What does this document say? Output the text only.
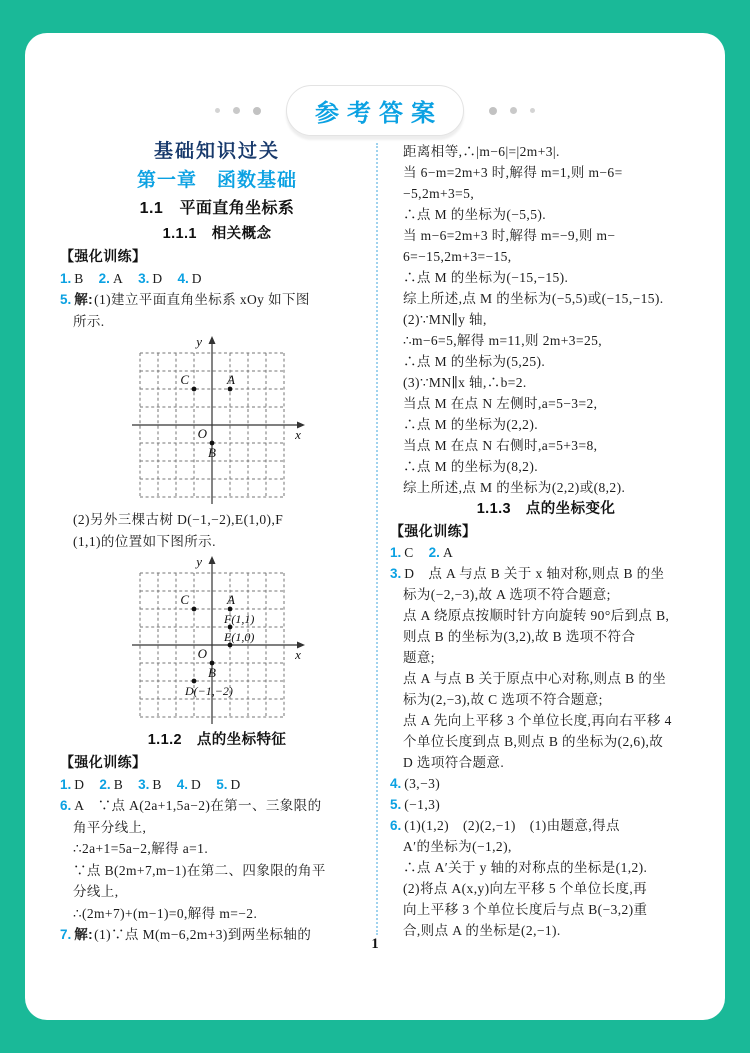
参考答案
基础知识过关
第一章　函数基础
1.1　平面直角坐标系
1.1.1　相关概念
【强化训练】
1. B 2. A 3. D 4. D
5. 解:(1)建立平面直角坐标系 xOy 如下图
所示.
y
x
O
C	A
B
(2)另外三棵古树 D(−1,−2),E(1,0),F
(1,1)的位置如下图所示.
y
x
O
C	A
F(1,1)
E(1,0)
B
D(−1,−2)
1.1.2　点的坐标特征
【强化训练】
1. D 2. B 3. B 4. D 5. D
6. A　∵点 A(2a+1,5a−2)在第一、三象限的
角平分线上,
∴2a+1=5a−2,解得 a=1.
∵点 B(2m+7,m−1)在第二、四象限的角平
分线上,
∴(2m+7)+(m−1)=0,解得 m=−2.
7. 解:(1)∵点 M(m−6,2m+3)到两坐标轴的
距离相等,∴|m−6|=|2m+3|.
当 6−m=2m+3 时,解得 m=1,则 m−6=
−5,2m+3=5,
∴点 M 的坐标为(−5,5).
当 m−6=2m+3 时,解得 m=−9,则 m−
6=−15,2m+3=−15,
∴点 M 的坐标为(−15,−15).
综上所述,点 M 的坐标为(−5,5)或(−15,−15).
(2)∵MN∥y 轴,
∴m−6=5,解得 m=11,则 2m+3=25,
∴点 M 的坐标为(5,25).
(3)∵MN∥x 轴,∴b=2.
当点 M 在点 N 左侧时,a=5−3=2,
∴点 M 的坐标为(2,2).
当点 M 在点 N 右侧时,a=5+3=8,
∴点 M 的坐标为(8,2).
综上所述,点 M 的坐标为(2,2)或(8,2).
1.1.3　点的坐标变化
【强化训练】
1. C 2. A
3. D　点 A 与点 B 关于 x 轴对称,则点 B 的坐
标为(−2,−3),故 A 选项不符合题意;
点 A 绕原点按顺时针方向旋转 90°后到点 B,
则点 B 的坐标为(3,2),故 B 选项不符合
题意;
点 A 与点 B 关于原点中心对称,则点 B 的坐
标为(2,−3),故 C 选项不符合题意;
点 A 先向上平移 3 个单位长度,再向右平移 4
个单位长度到点 B,则点 B 的坐标为(2,6),故
D 选项符合题意.
4. (3,−3)
5. (−1,3)
6. (1)(1,2)　(2)(2,−1)　(1)由题意,得点
A′的坐标为(−1,2),
∴点 A′关于 y 轴的对称点的坐标是(1,2).
(2)将点 A(x,y)向左平移 5 个单位长度,再
向上平移 3 个单位长度后与点 B(−3,2)重
合,则点 A 的坐标是(2,−1).
1
